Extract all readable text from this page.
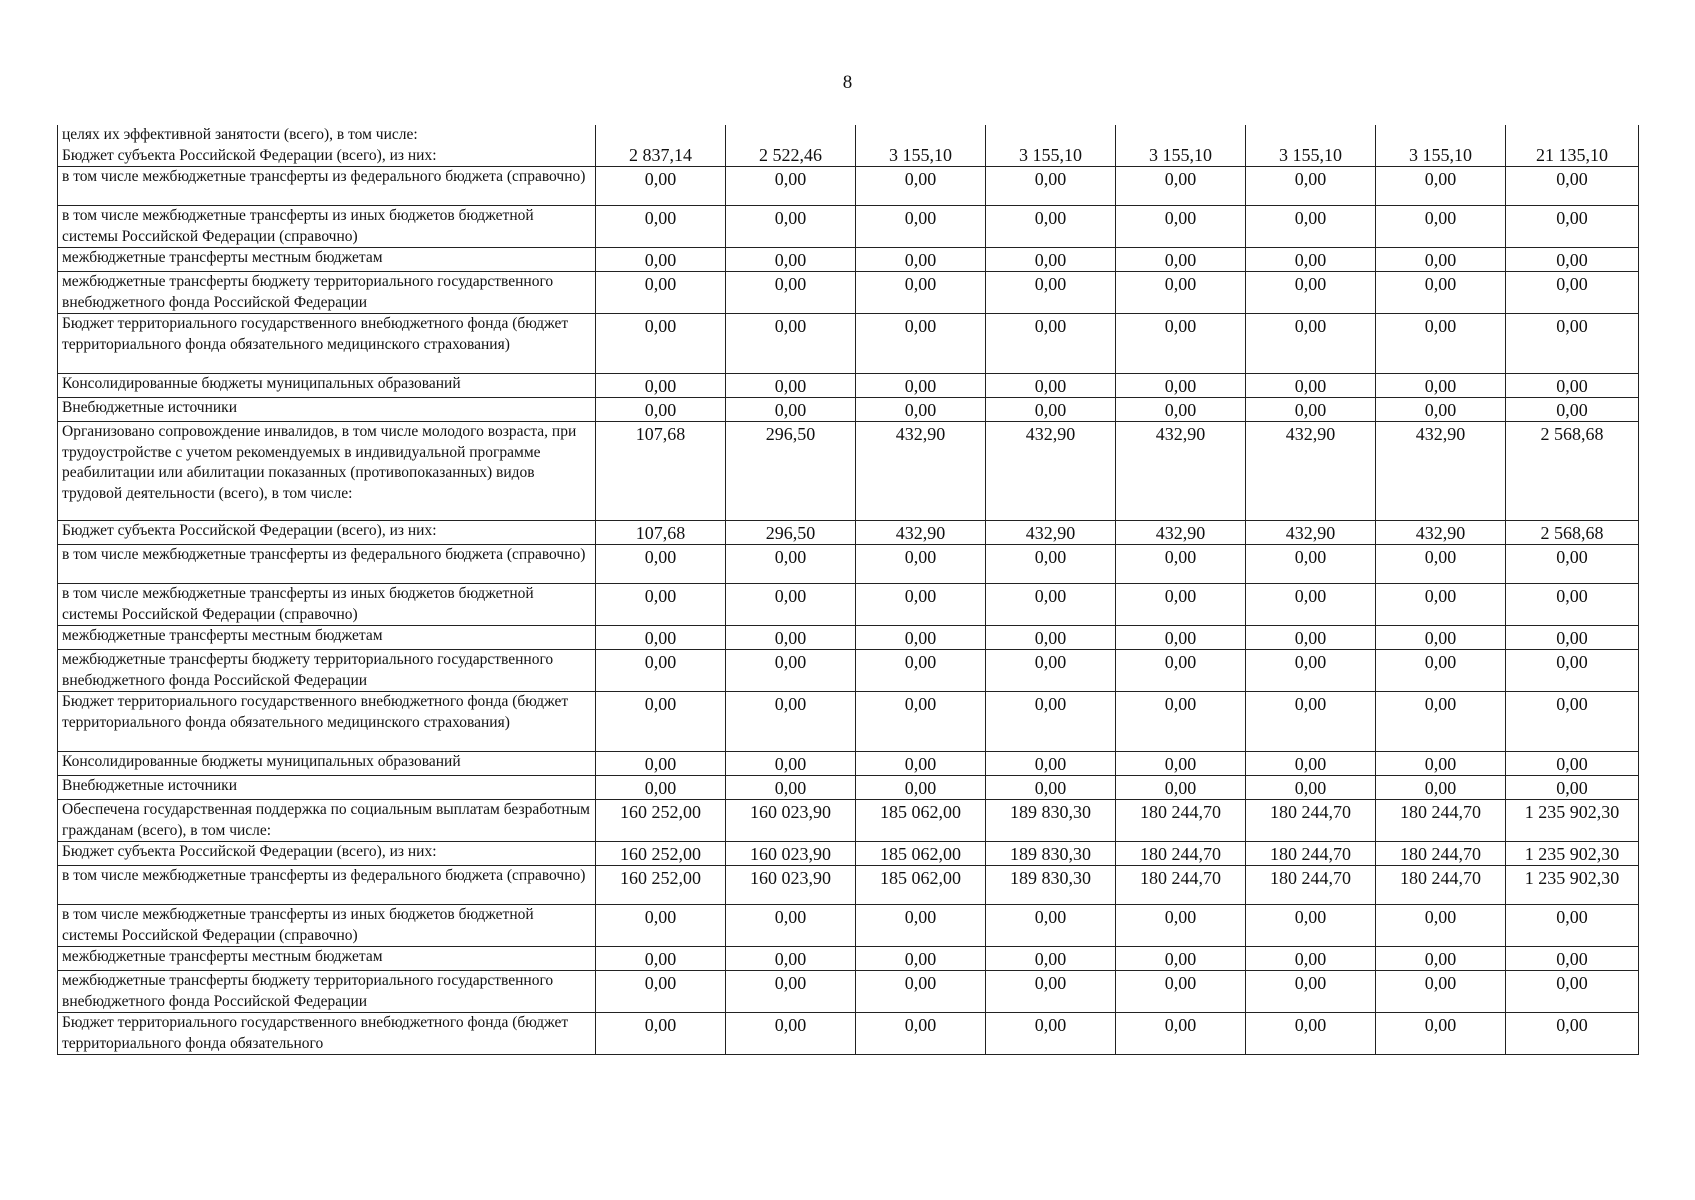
8
целях их эффективной занятости (всего), в том числе:
Бюджет субъекта Российской Федерации (всего), из них:	2 837,14	2 522,46	3 155,10	3 155,10	3 155,10	3 155,10	3 155,10	21 135,10
в том числе межбюджетные трансферты из федерального бюджета (справочно)	0,00	0,00	0,00	0,00	0,00	0,00	0,00	0,00
в том числе межбюджетные трансферты из иных бюджетов бюджетной системы Российской Федерации (справочно)	0,00	0,00	0,00	0,00	0,00	0,00	0,00	0,00
межбюджетные трансферты местным бюджетам	0,00	0,00	0,00	0,00	0,00	0,00	0,00	0,00
межбюджетные трансферты бюджету территориального государственного внебюджетного фонда Российской Федерации	0,00	0,00	0,00	0,00	0,00	0,00	0,00	0,00
Бюджет территориального государственного внебюджетного фонда (бюджет территориального фонда обязательного медицинского страхования)	0,00	0,00	0,00	0,00	0,00	0,00	0,00	0,00
Консолидированные бюджеты муниципальных образований	0,00	0,00	0,00	0,00	0,00	0,00	0,00	0,00
Внебюджетные источники	0,00	0,00	0,00	0,00	0,00	0,00	0,00	0,00
Организовано сопровождение инвалидов, в том числе молодого возраста, при трудоустройстве с учетом рекомендуемых в индивидуальной программе реабилитации или абилитации показанных (противопоказанных) видов трудовой деятельности (всего), в том числе:	107,68	296,50	432,90	432,90	432,90	432,90	432,90	2 568,68
Бюджет субъекта Российской Федерации (всего), из них:	107,68	296,50	432,90	432,90	432,90	432,90	432,90	2 568,68
в том числе межбюджетные трансферты из федерального бюджета (справочно)	0,00	0,00	0,00	0,00	0,00	0,00	0,00	0,00
в том числе межбюджетные трансферты из иных бюджетов бюджетной системы Российской Федерации (справочно)	0,00	0,00	0,00	0,00	0,00	0,00	0,00	0,00
межбюджетные трансферты местным бюджетам	0,00	0,00	0,00	0,00	0,00	0,00	0,00	0,00
межбюджетные трансферты бюджету территориального государственного внебюджетного фонда Российской Федерации	0,00	0,00	0,00	0,00	0,00	0,00	0,00	0,00
Бюджет территориального государственного внебюджетного фонда (бюджет территориального фонда обязательного медицинского страхования)	0,00	0,00	0,00	0,00	0,00	0,00	0,00	0,00
Консолидированные бюджеты муниципальных образований	0,00	0,00	0,00	0,00	0,00	0,00	0,00	0,00
Внебюджетные источники	0,00	0,00	0,00	0,00	0,00	0,00	0,00	0,00
Обеспечена государственная поддержка по социальным выплатам безработным гражданам (всего), в том числе:	160 252,00	160 023,90	185 062,00	189 830,30	180 244,70	180 244,70	180 244,70	1 235 902,30
Бюджет субъекта Российской Федерации (всего), из них:	160 252,00	160 023,90	185 062,00	189 830,30	180 244,70	180 244,70	180 244,70	1 235 902,30
в том числе межбюджетные трансферты из федерального бюджета (справочно)	160 252,00	160 023,90	185 062,00	189 830,30	180 244,70	180 244,70	180 244,70	1 235 902,30
в том числе межбюджетные трансферты из иных бюджетов бюджетной системы Российской Федерации (справочно)	0,00	0,00	0,00	0,00	0,00	0,00	0,00	0,00
межбюджетные трансферты местным бюджетам	0,00	0,00	0,00	0,00	0,00	0,00	0,00	0,00
межбюджетные трансферты бюджету территориального государственного внебюджетного фонда Российской Федерации	0,00	0,00	0,00	0,00	0,00	0,00	0,00	0,00
Бюджет территориального государственного внебюджетного фонда (бюджет территориального фонда обязательного	0,00	0,00	0,00	0,00	0,00	0,00	0,00	0,00
